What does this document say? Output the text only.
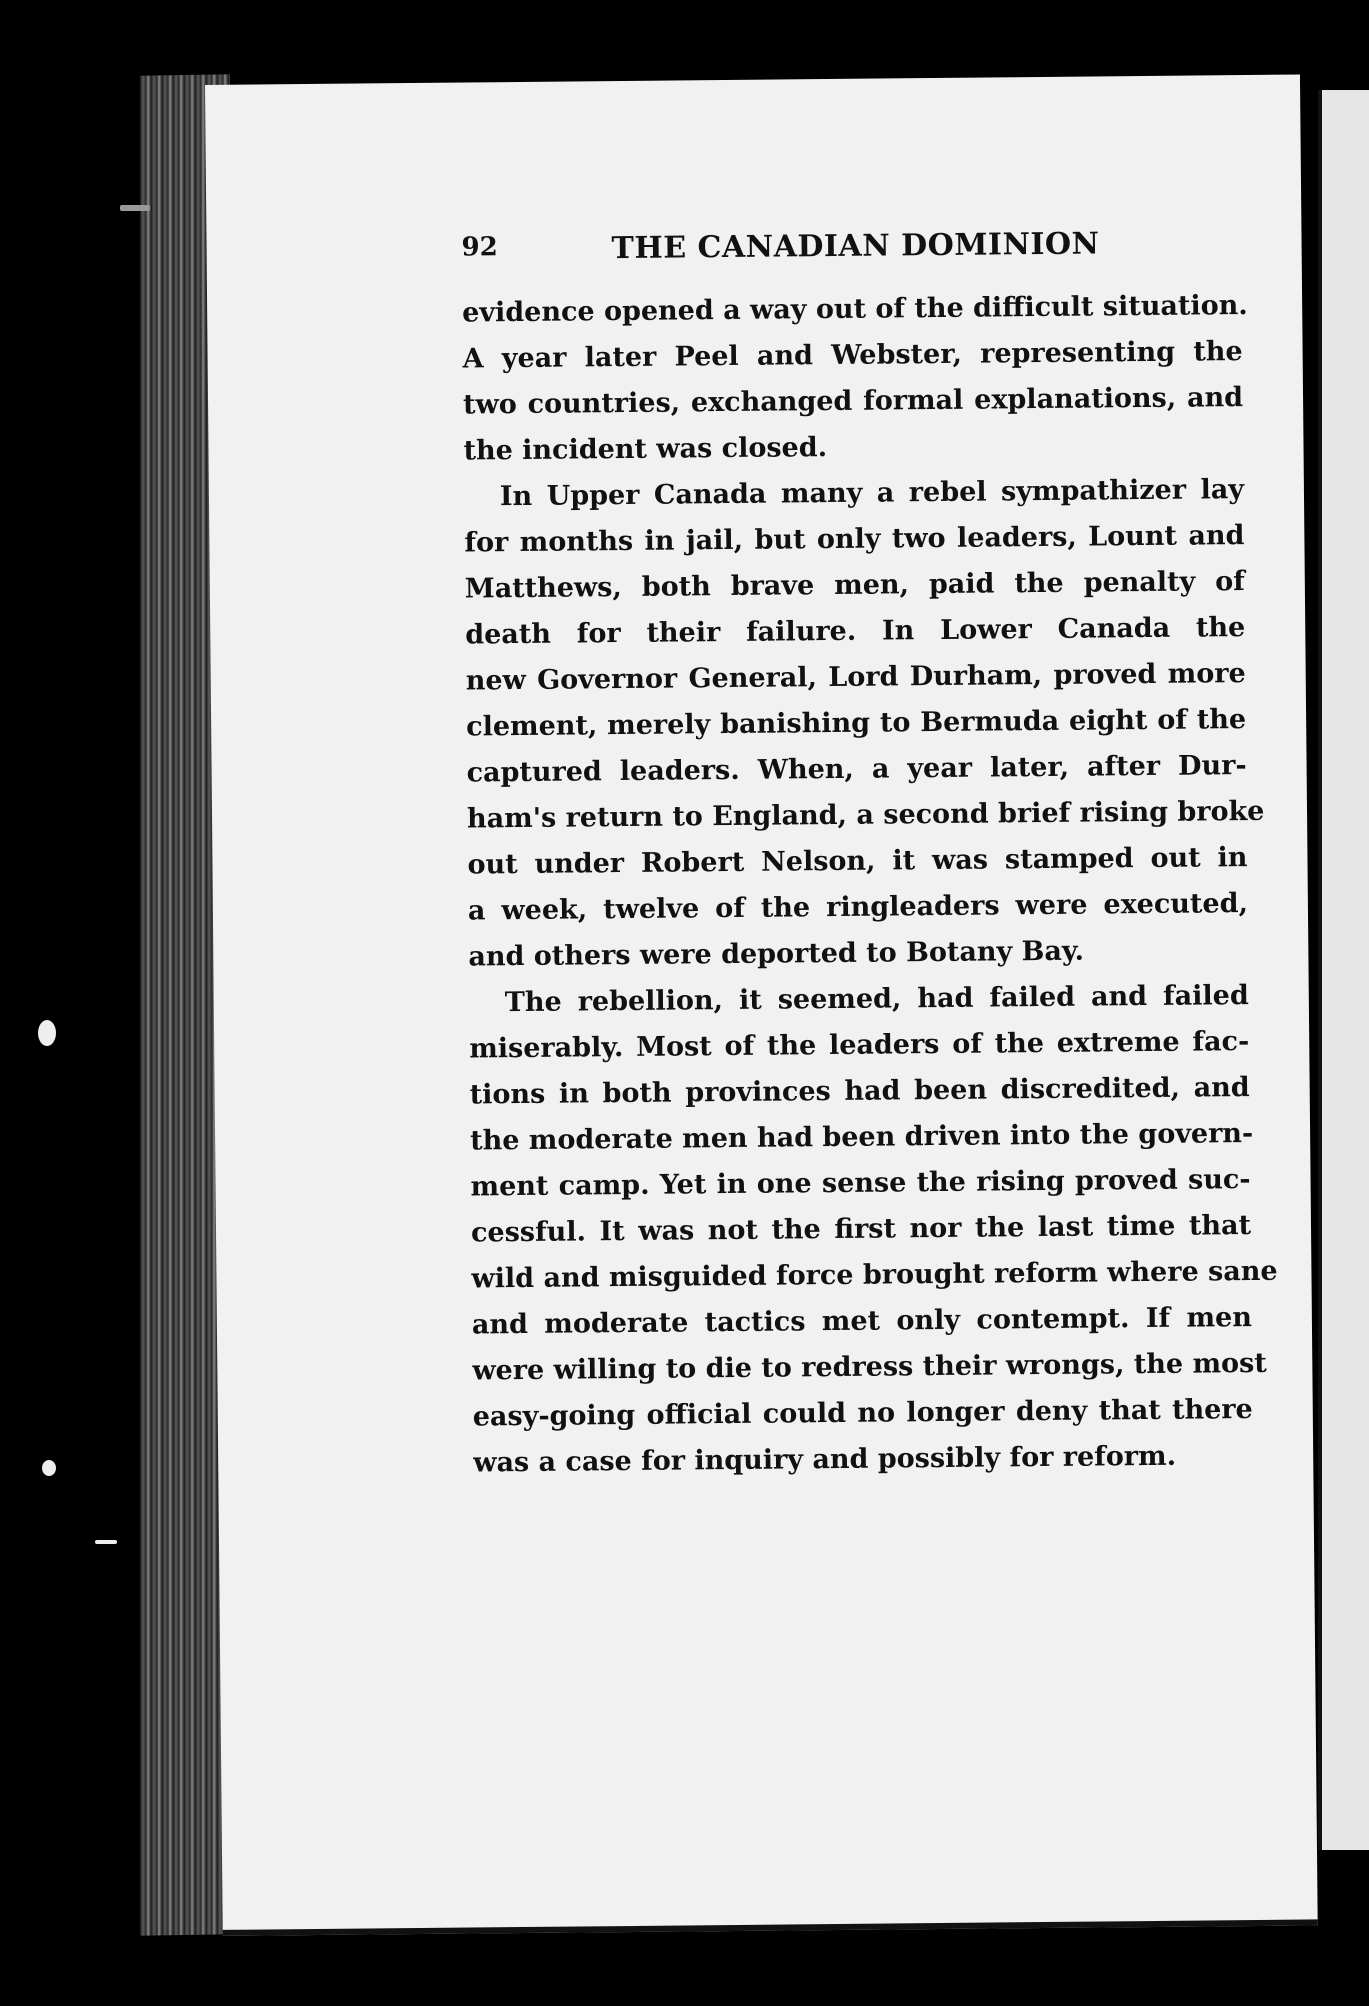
92	THE CANADIAN DOMINION
evidence opened a way out of the difficult situation.
A year later Peel and Webster, representing the
two countries, exchanged formal explanations, and
the incident was closed.
In Upper Canada many a rebel sympathizer lay
for months in jail, but only two leaders, Lount and
Matthews, both brave men, paid the penalty of
death for their failure. In Lower Canada the
new Governor General, Lord Durham, proved more
clement, merely banishing to Bermuda eight of the
captured leaders. When, a year later, after Dur-
ham's return to England, a second brief rising broke
out under Robert Nelson, it was stamped out in
a week, twelve of the ringleaders were executed,
and others were deported to Botany Bay.
The rebellion, it seemed, had failed and failed
miserably. Most of the leaders of the extreme fac-
tions in both provinces had been discredited, and
the moderate men had been driven into the govern-
ment camp. Yet in one sense the rising proved suc-
cessful. It was not the first nor the last time that
wild and misguided force brought reform where sane
and moderate tactics met only contempt. If men
were willing to die to redress their wrongs, the most
easy-going official could no longer deny that there
was a case for inquiry and possibly for reform.
